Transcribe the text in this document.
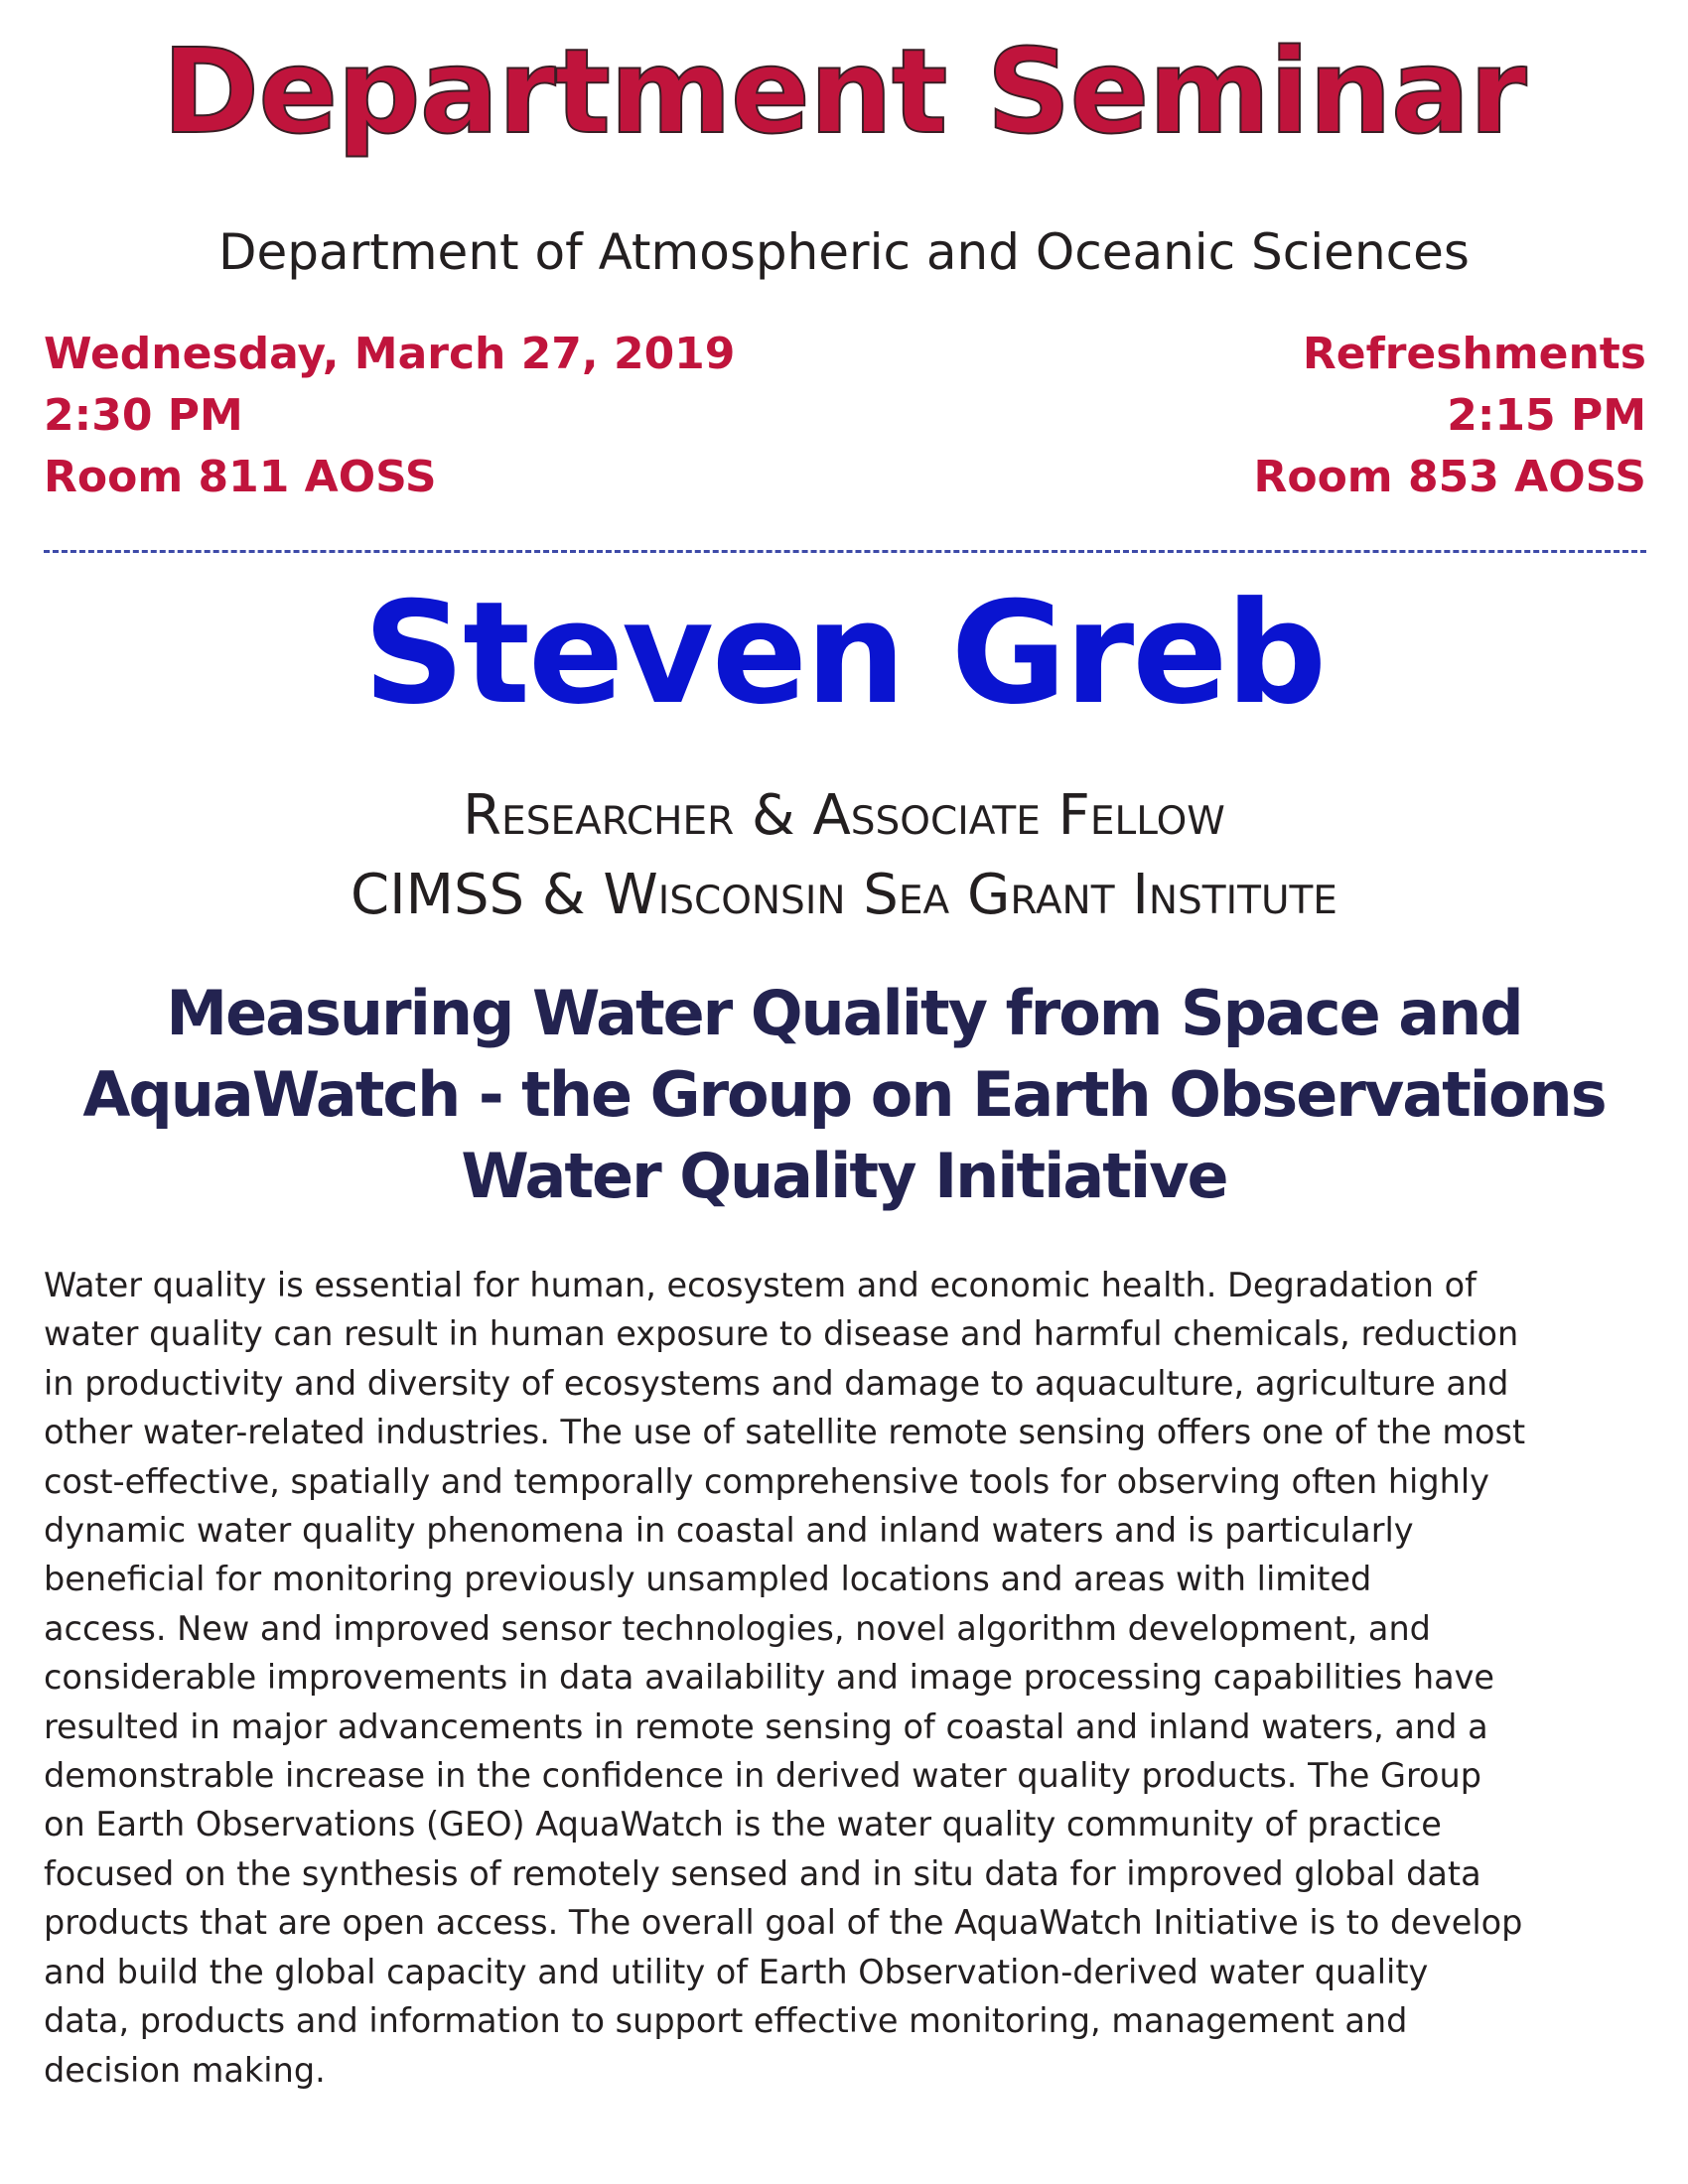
Department Seminar
Department of Atmospheric and Oceanic Sciences
Wednesday, March 27, 2019
2:30 PM
Room 811 AOSS
Refreshments
2:15 PM
Room 853 AOSS
Steven Greb
Researcher & Associate Fellow
CIMSS & Wisconsin Sea Grant Institute
Measuring Water Quality from Space and
AquaWatch - the Group on Earth Observations
Water Quality Initiative
Water quality is essential for human, ecosystem and economic health. Degradation of
water quality can result in human exposure to disease and harmful chemicals, reduction
in productivity and diversity of ecosystems and damage to aquaculture, agriculture and
other water-related industries. The use of satellite remote sensing offers one of the most
cost-effective, spatially and temporally comprehensive tools for observing often highly
dynamic water quality phenomena in coastal and inland waters and is particularly
beneficial for monitoring previously unsampled locations and areas with limited
access. New and improved sensor technologies, novel algorithm development, and
considerable improvements in data availability and image processing capabilities have
resulted in major advancements in remote sensing of coastal and inland waters, and a
demonstrable increase in the confidence in derived water quality products. The Group
on Earth Observations (GEO) AquaWatch is the water quality community of practice
focused on the synthesis of remotely sensed and in situ data for improved global data
products that are open access. The overall goal of the AquaWatch Initiative is to develop
and build the global capacity and utility of Earth Observation-derived water quality
data, products and information to support effective monitoring, management and
decision making.
